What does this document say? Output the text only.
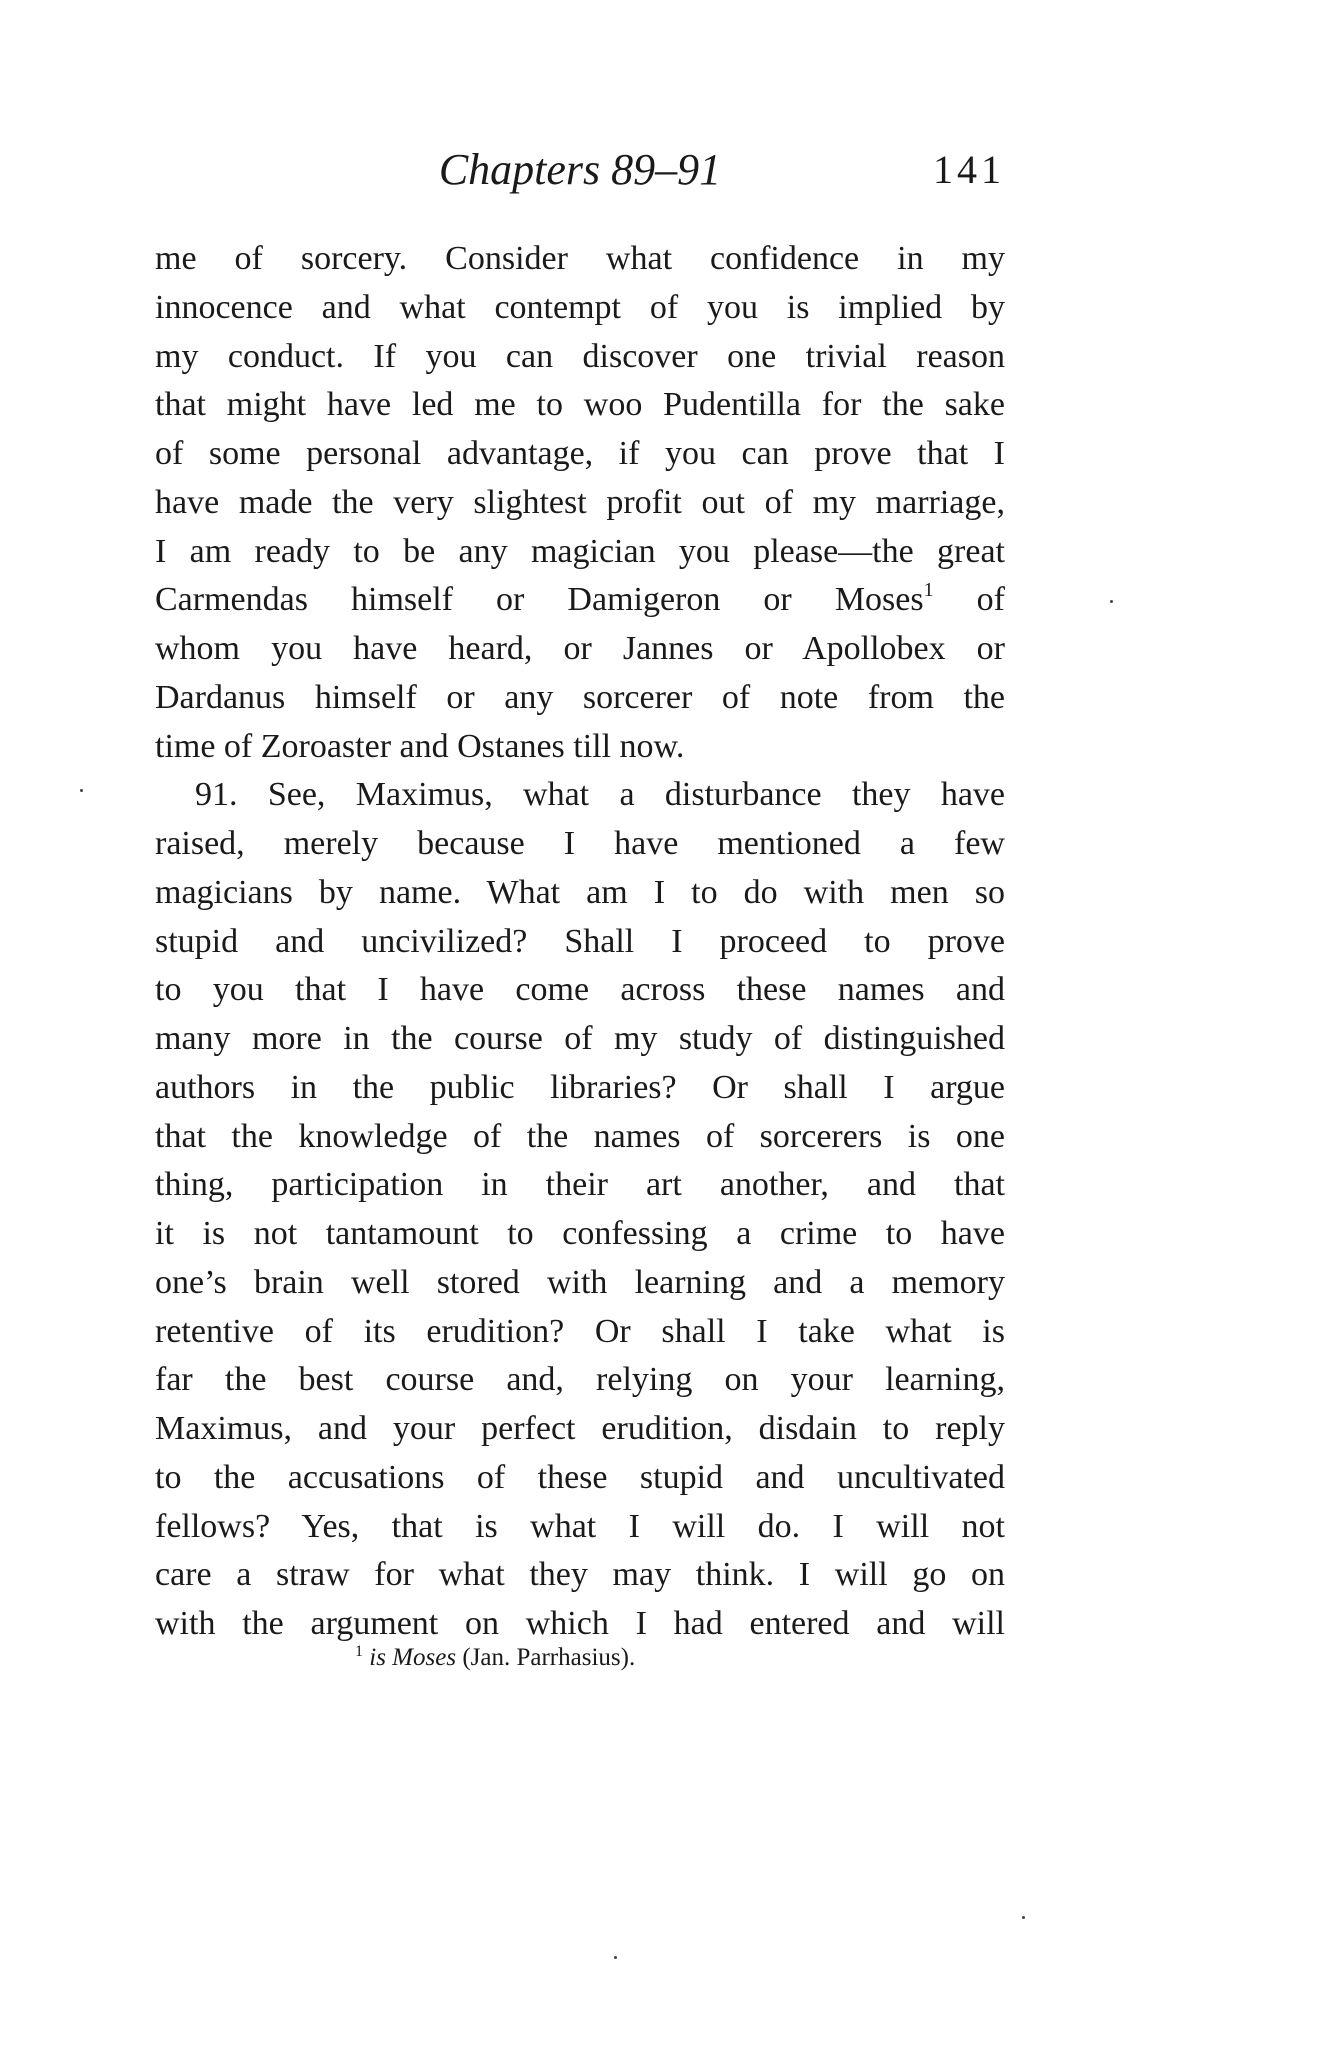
Chapters 89–91	141
me of sorcery. Consider what confidence in my
innocence and what contempt of you is implied by
my conduct. If you can discover one trivial reason
that might have led me to woo Pudentilla for the sake
of some personal advantage, if you can prove that I
have made the very slightest profit out of my marriage,
I am ready to be any magician you please—the great
Carmendas himself or Damigeron or Moses$^1$ of
whom you have heard, or Jannes or Apollobex or
Dardanus himself or any sorcerer of note from the
time of Zoroaster and Ostanes till now.
91. See, Maximus, what a disturbance they have
raised, merely because I have mentioned a few
magicians by name. What am I to do with men so
stupid and uncivilized? Shall I proceed to prove
to you that I have come across these names and
many more in the course of my study of distinguished
authors in the public libraries? Or shall I argue
that the knowledge of the names of sorcerers is one
thing, participation in their art another, and that
it is not tantamount to confessing a crime to have
one’s brain well stored with learning and a memory
retentive of its erudition? Or shall I take what is
far the best course and, relying on your learning,
Maximus, and your perfect erudition, disdain to reply
to the accusations of these stupid and uncultivated
fellows? Yes, that is what I will do. I will not
care a straw for what they may think. I will go on
with the argument on which I had entered and will
$^1$ is Moses (Jan. Parrhasius).
